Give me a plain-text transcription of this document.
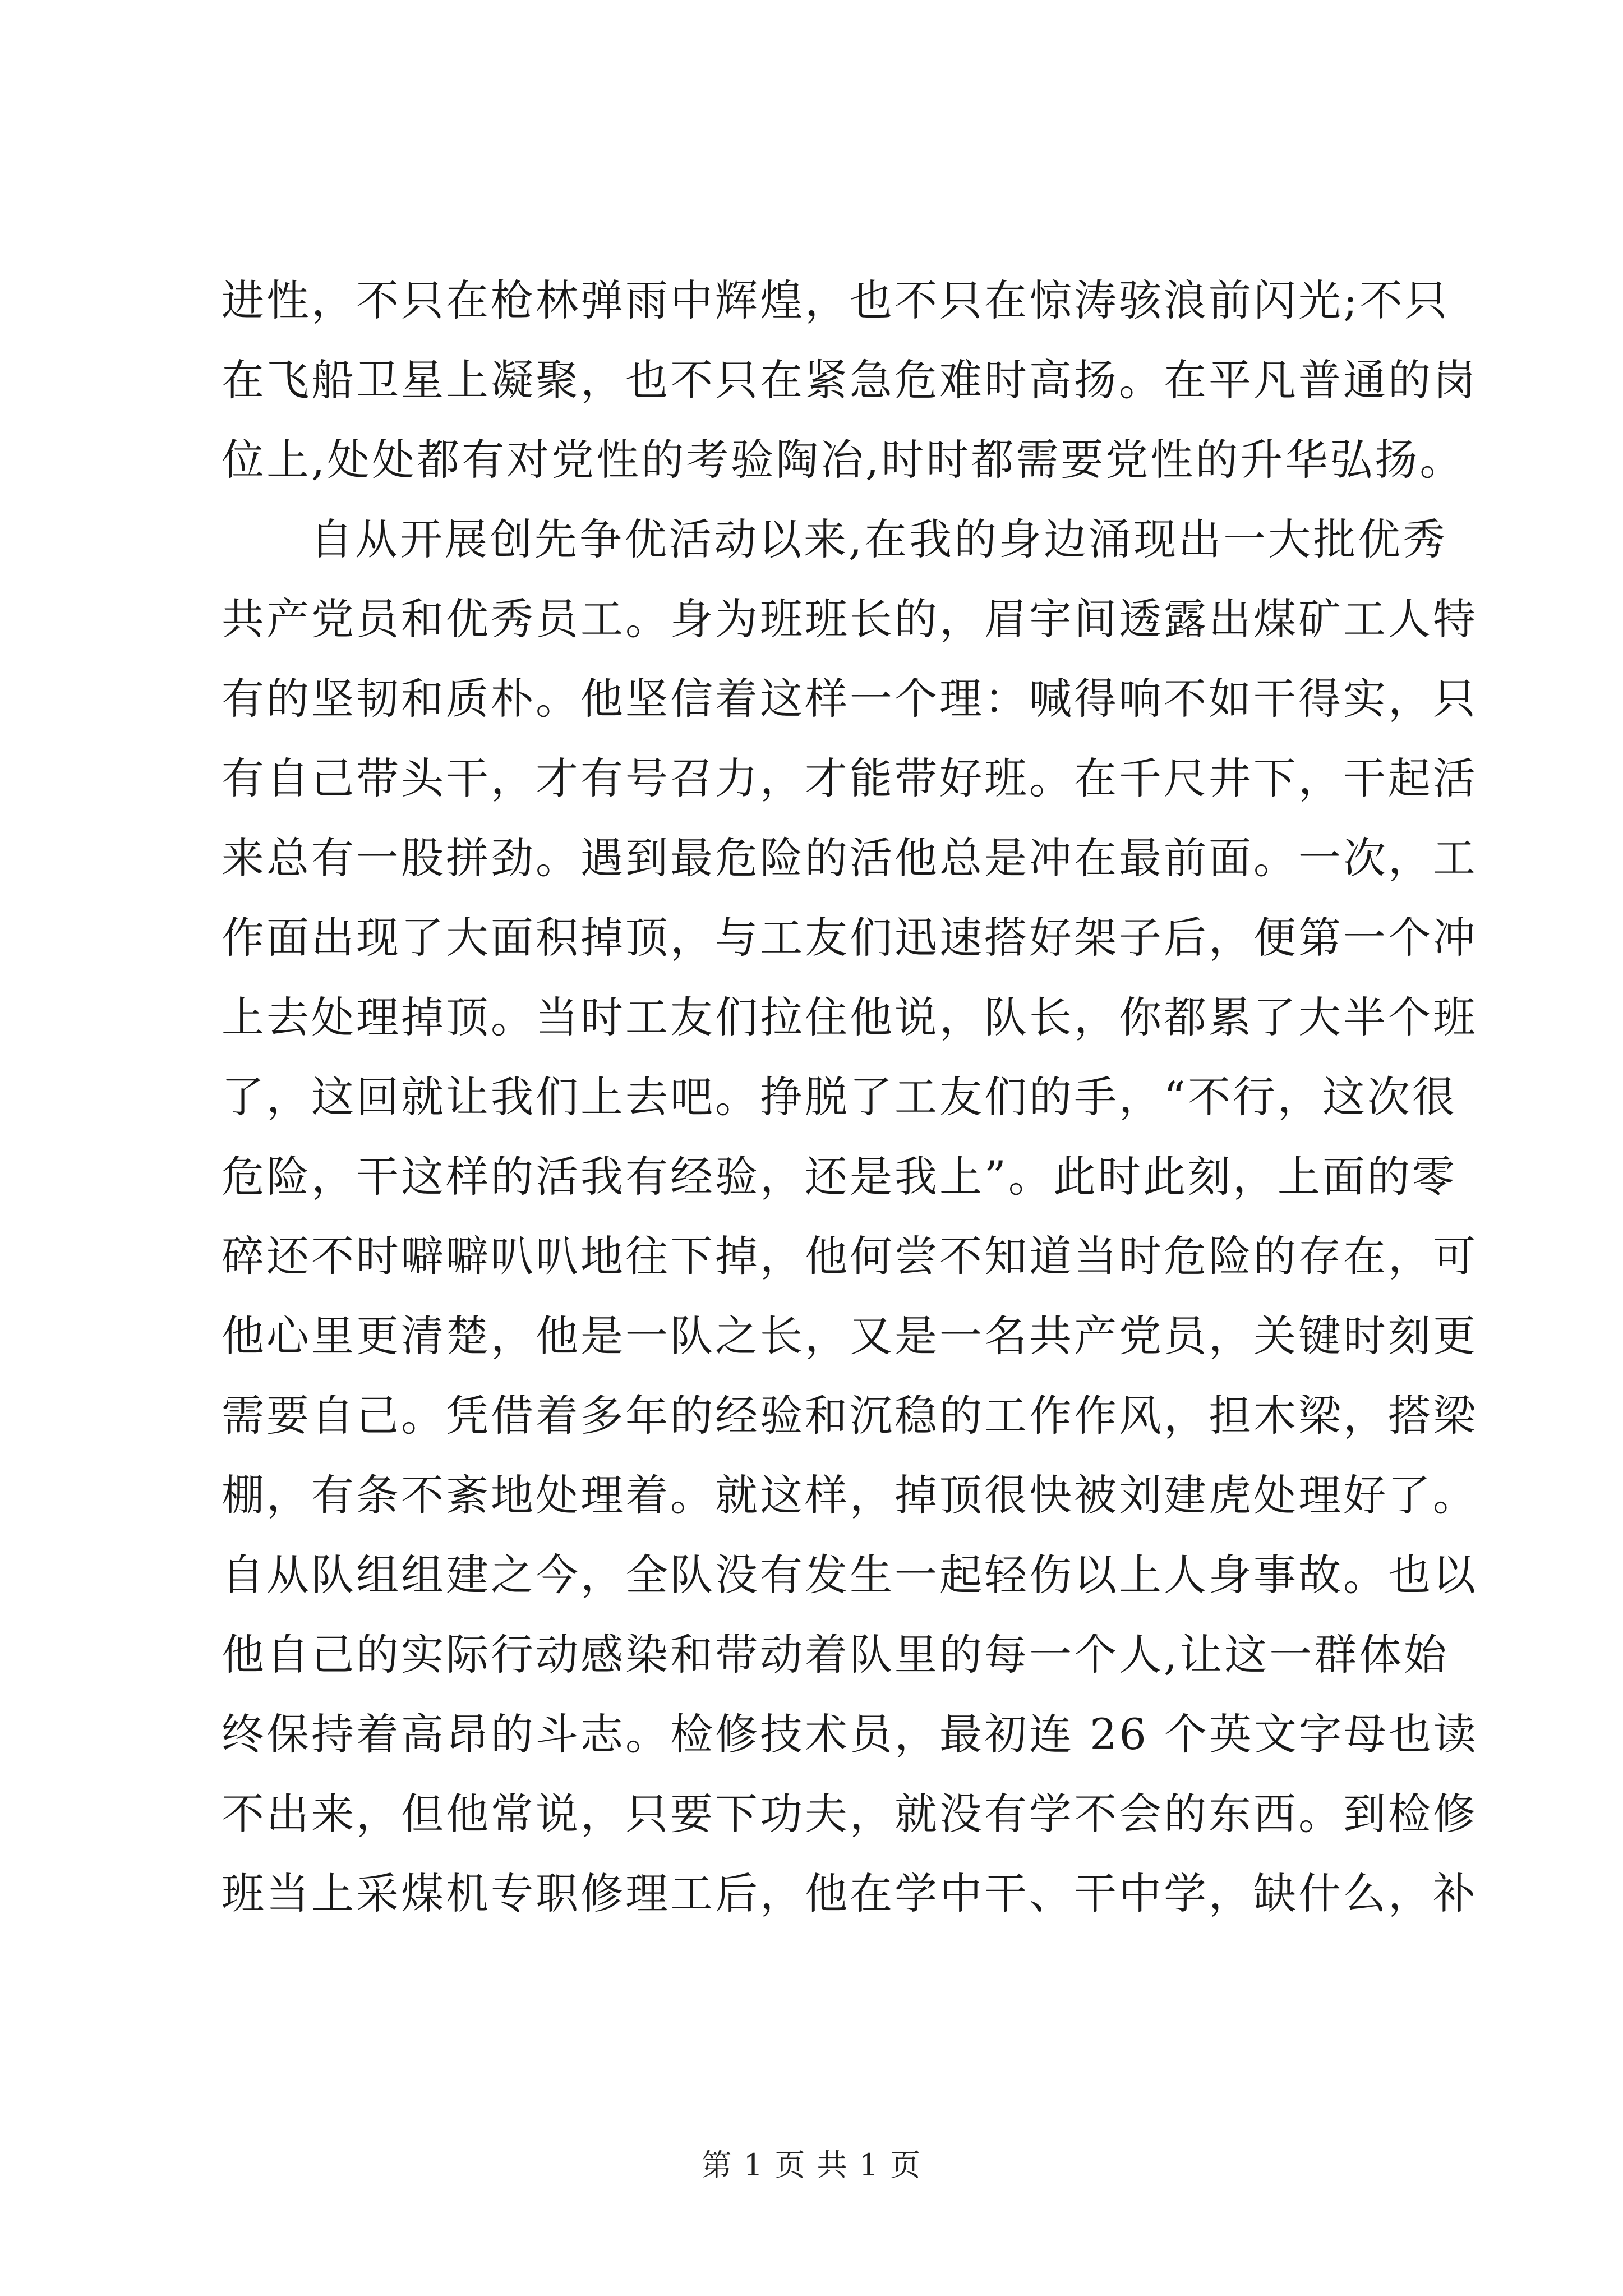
进性，不只在枪林弹雨中辉煌，也不只在惊涛骇浪前闪光;不只
在飞船卫星上凝聚，也不只在紧急危难时高扬。在平凡普通的岗
位上,处处都有对党性的考验陶冶,时时都需要党性的升华弘扬。
自从开展创先争优活动以来,在我的身边涌现出一大批优秀
共产党员和优秀员工。身为班班长的，眉宇间透露出煤矿工人特
有的坚韧和质朴。他坚信着这样一个理：喊得响不如干得实，只
有自己带头干，才有号召力，才能带好班。在千尺井下，干起活
来总有一股拼劲。遇到最危险的活他总是冲在最前面。一次，工
作面出现了大面积掉顶，与工友们迅速搭好架子后，便第一个冲
上去处理掉顶。当时工友们拉住他说，队长，你都累了大半个班
了，这回就让我们上去吧。挣脱了工友们的手，“不行，这次很
危险，干这样的活我有经验，还是我上”。此时此刻，上面的零
碎还不时噼噼叭叭地往下掉，他何尝不知道当时危险的存在，可
他心里更清楚，他是一队之长，又是一名共产党员，关键时刻更
需要自己。凭借着多年的经验和沉稳的工作作风，担木梁，搭梁
棚，有条不紊地处理着。就这样，掉顶很快被刘建虎处理好了。
自从队组组建之今，全队没有发生一起轻伤以上人身事故。也以
他自己的实际行动感染和带动着队里的每一个人,让这一群体始
终保持着高昂的斗志。检修技术员，最初连 26 个英文字母也读
不出来，但他常说，只要下功夫，就没有学不会的东西。到检修
班当上采煤机专职修理工后，他在学中干、干中学，缺什么，补
第 1 页 共 1 页
